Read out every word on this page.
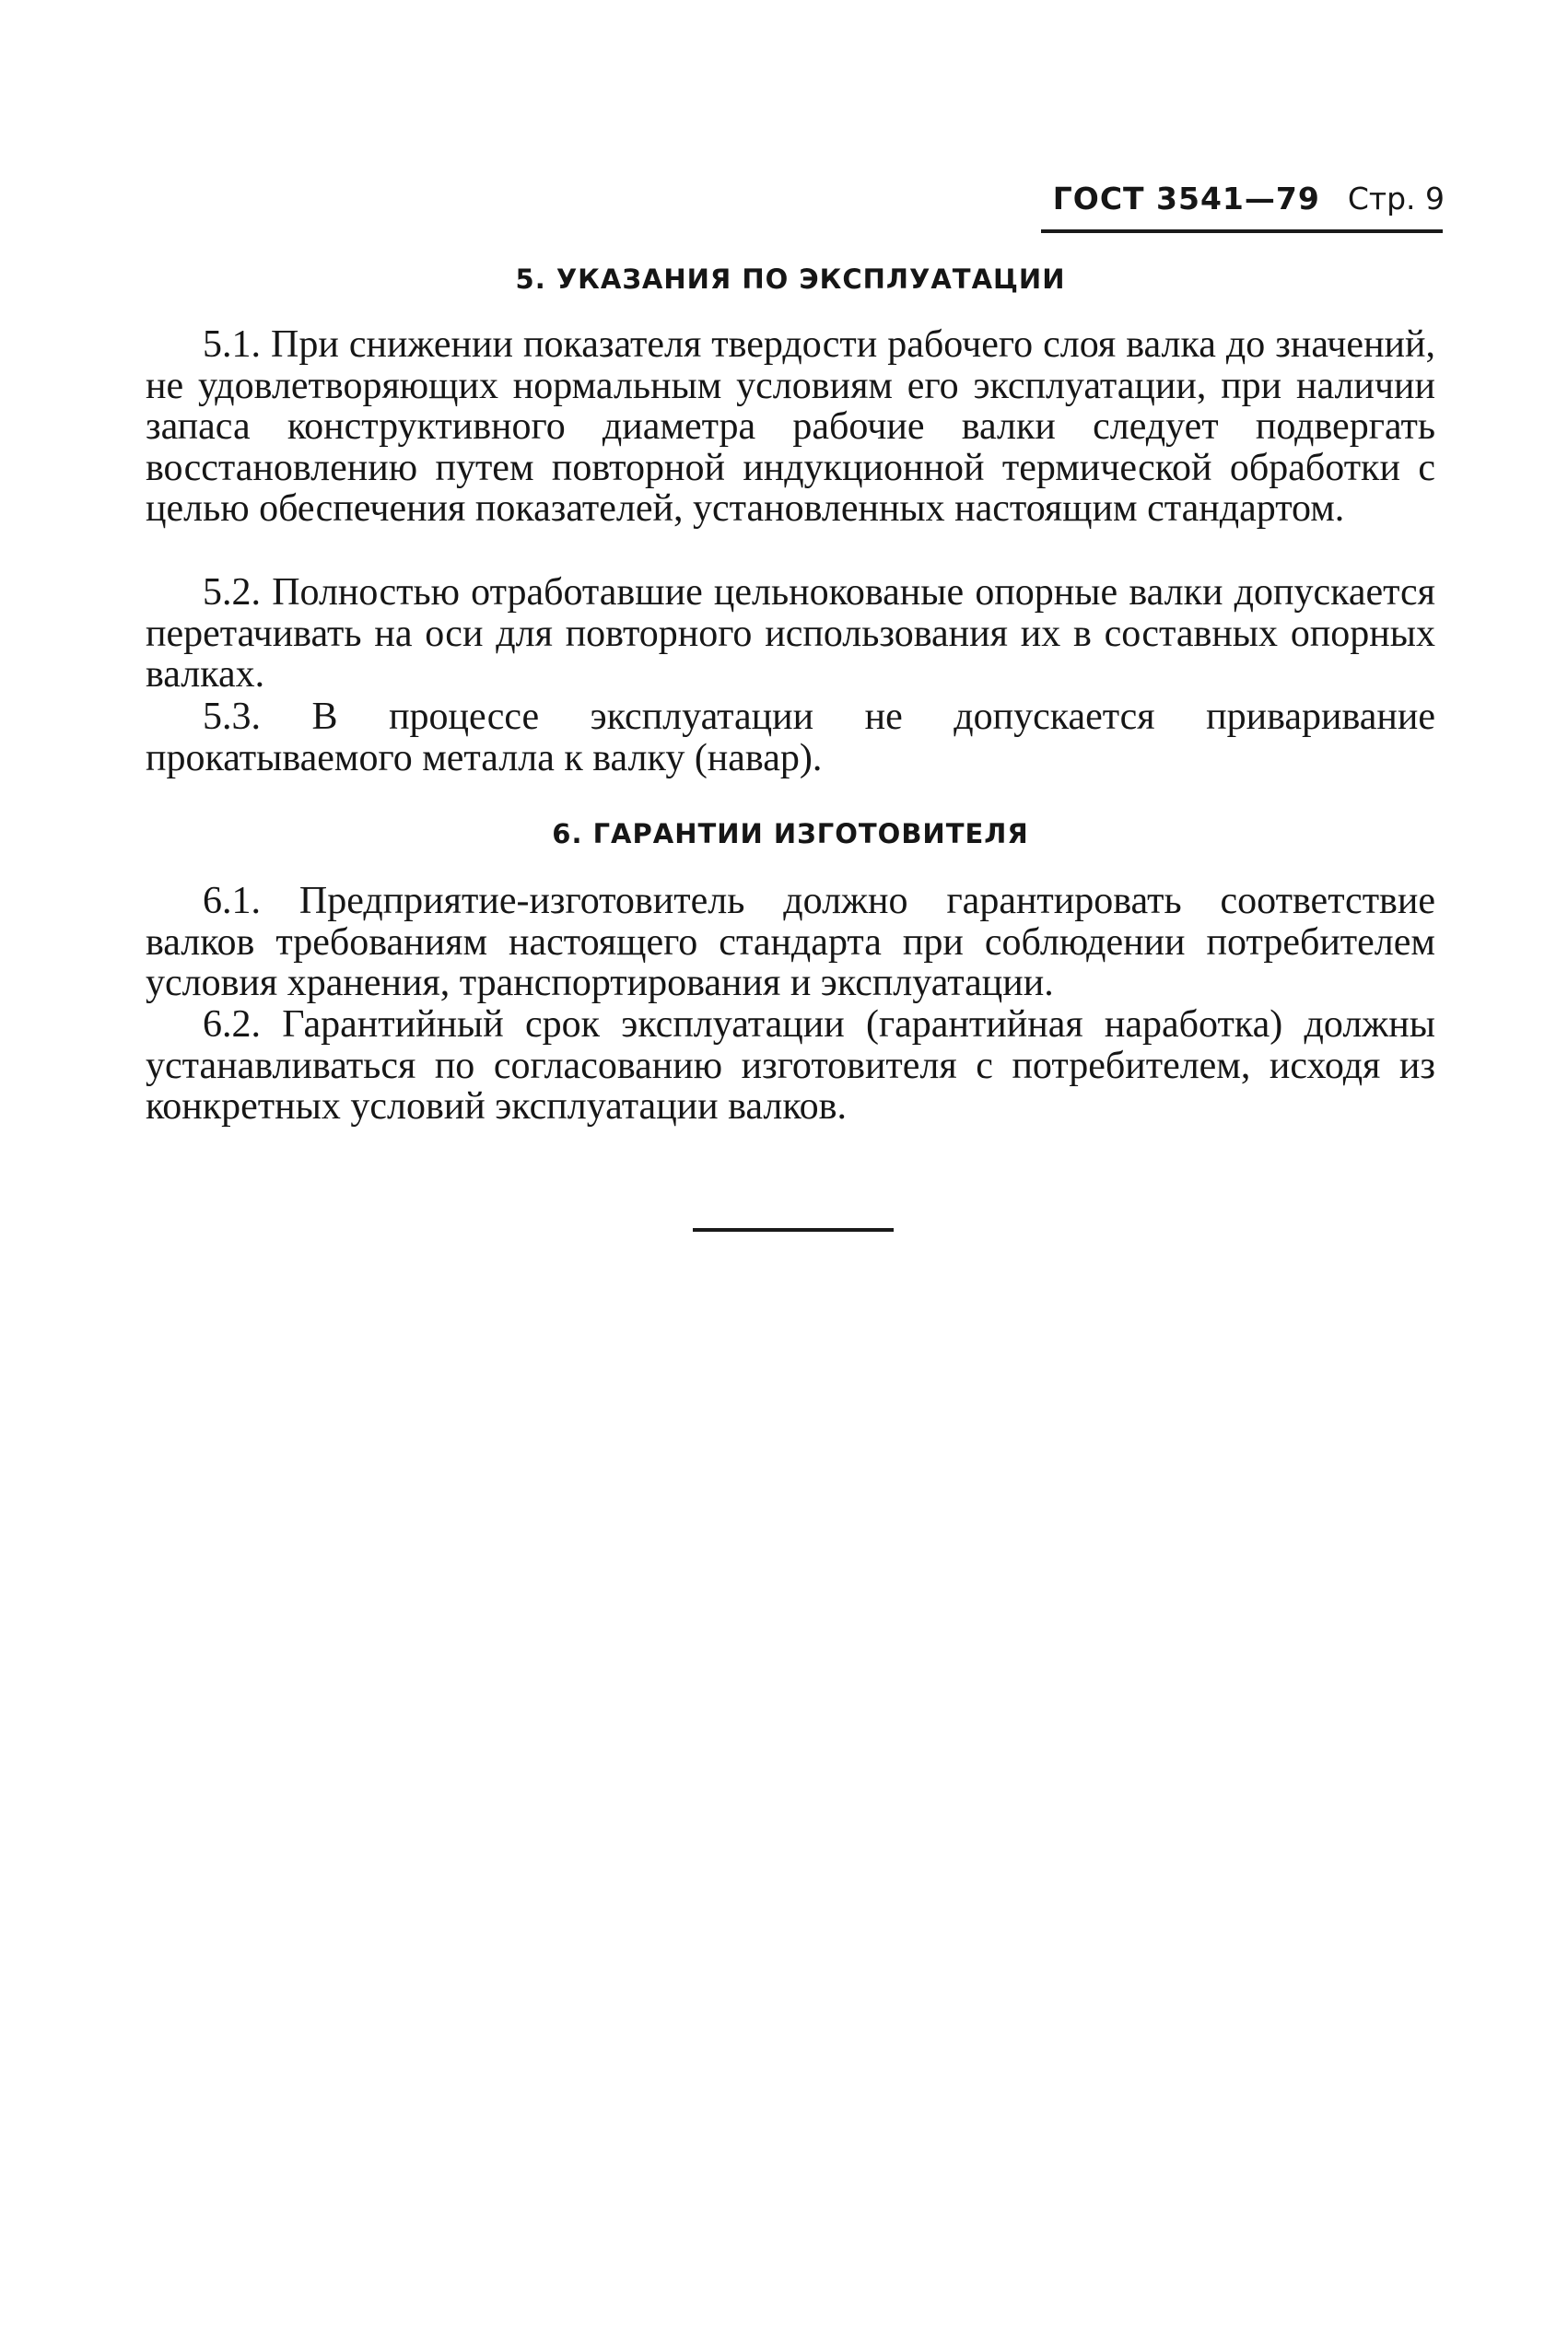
ГОСТ 3541—79 Стр. 9
5. УКАЗАНИЯ ПО ЭКСПЛУАТАЦИИ

5.1. При снижении показателя твердости рабочего слоя валка до значений, не удовлетворяющих нормальным условиям его эксплуатации, при наличии запаса конструктивного диаметра рабочие валки следует подвергать восстановлению путем повторной индукционной термической обработки с целью обеспечения показателей, установленных настоящим стандартом.

5.2. Полностью отработавшие цельнокованые опорные валки допускается перетачивать на оси для повторного использования их в составных опорных валках.

5.3. В процессе эксплуатации не допускается приваривание прокатываемого металла к валку (навар).

6. ГАРАНТИИ ИЗГОТОВИТЕЛЯ

6.1. Предприятие-изготовитель должно гарантировать соответствие валков требованиям настоящего стандарта при соблюдении потребителем условия хранения, транспортирования и эксплуатации.

6.2. Гарантийный срок эксплуатации (гарантийная наработка) должны устанавливаться по согласованию изготовителя с потребителем, исходя из конкретных условий эксплуатации валков.
